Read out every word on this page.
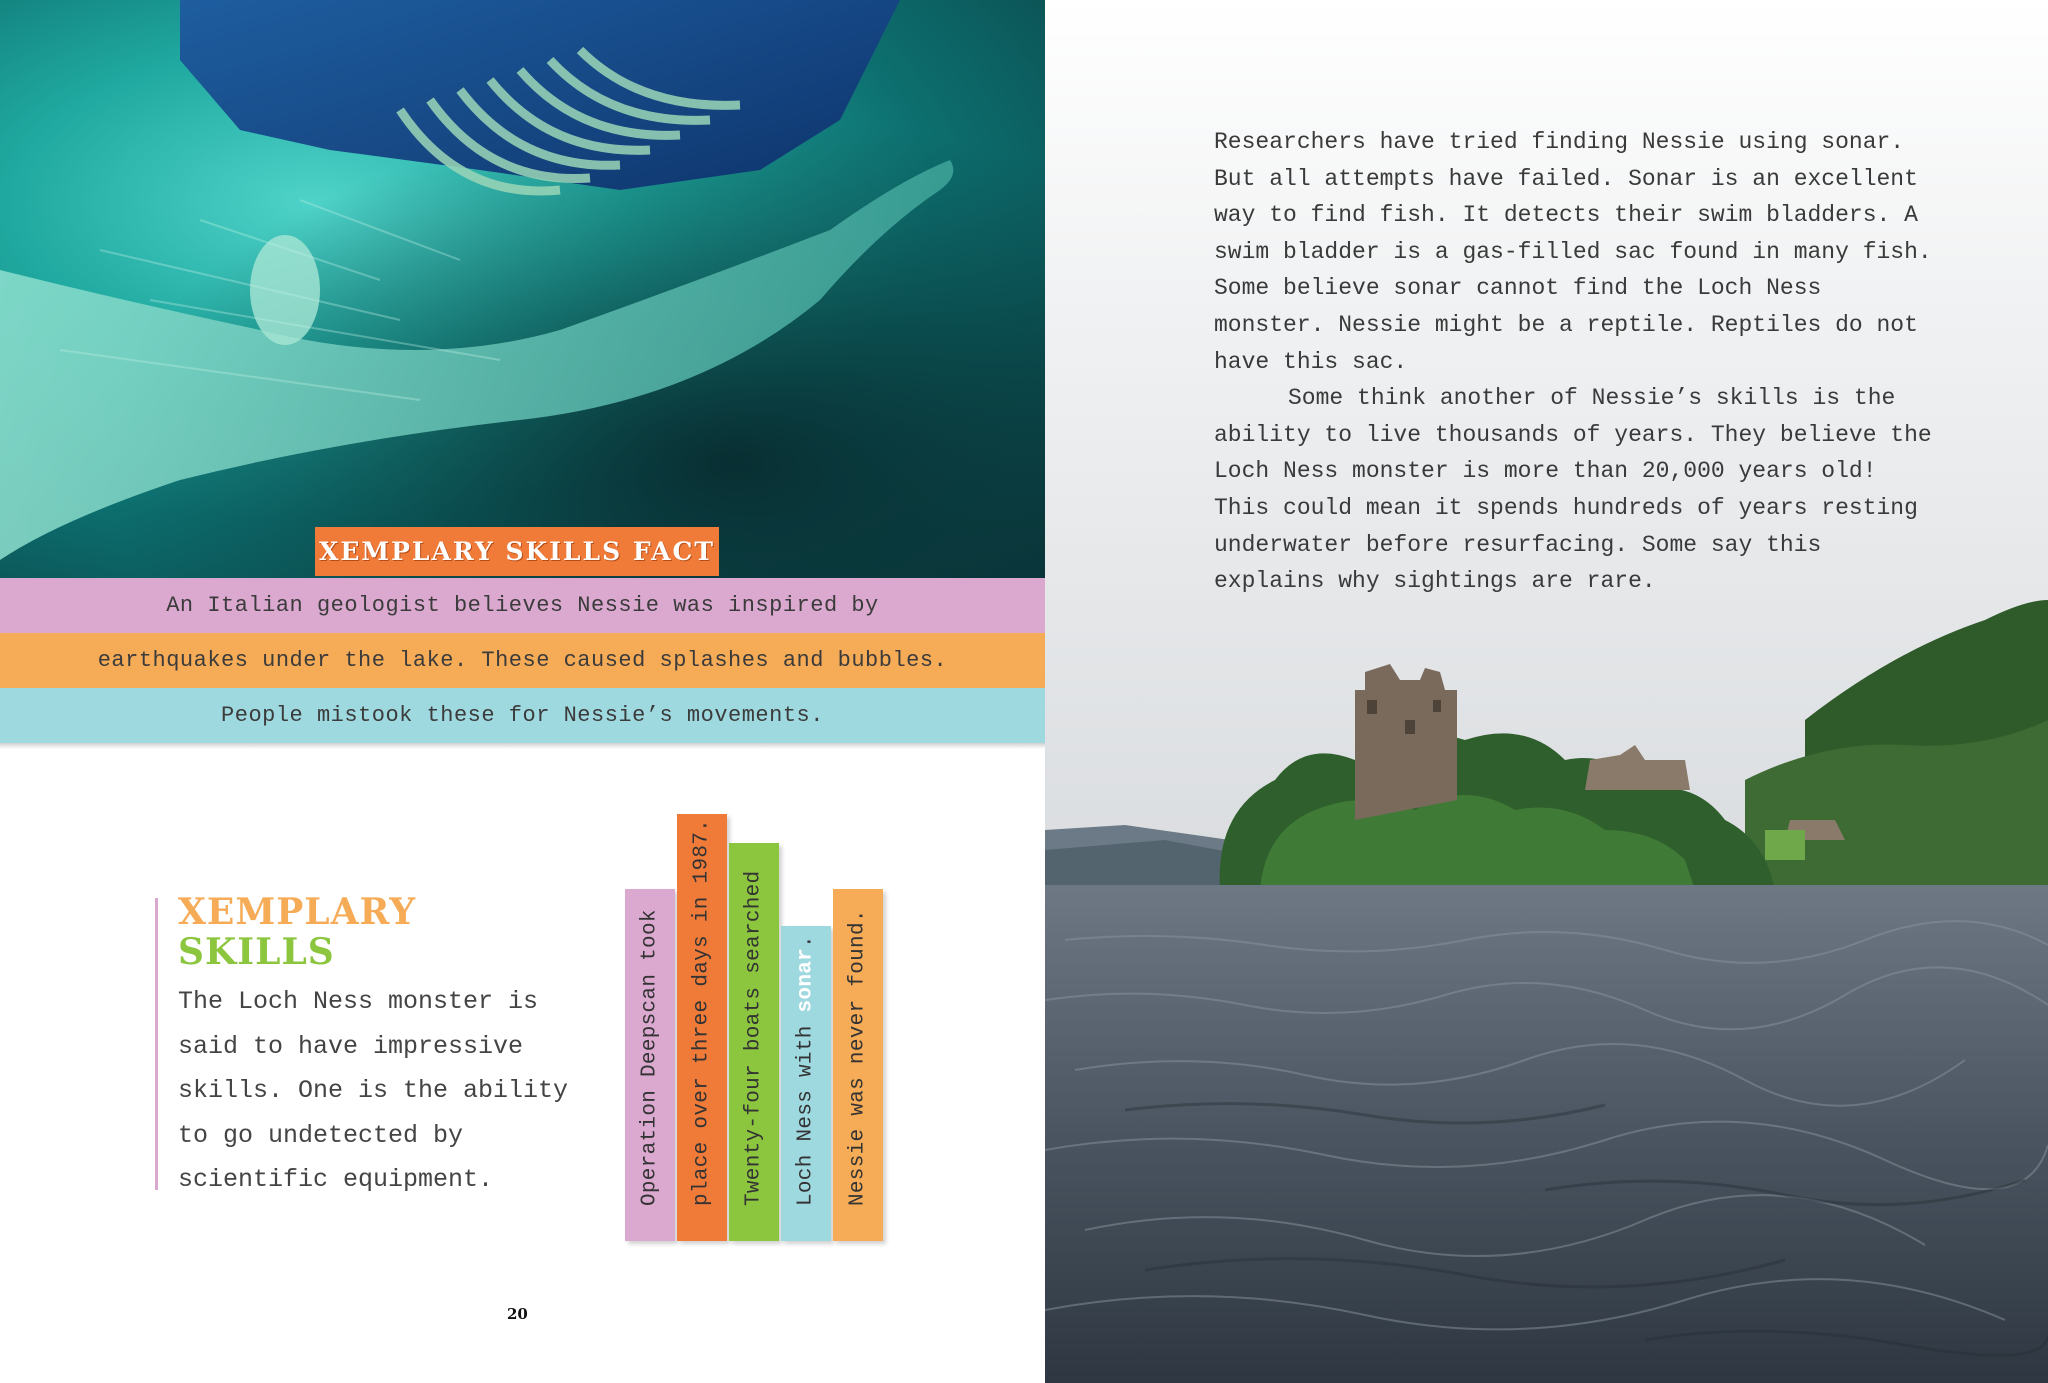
XEMPLARY SKILLS FACT
An Italian geologist believes Nessie was inspired by
earthquakes under the lake. These caused splashes and bubbles.
People mistook these for Nessie’s movements.
XEMPLARY
SKILLS
The Loch Ness monster is said to have impressive skills. One is the ability to go undetected by scientific equipment.	Operation Deepscan took place over three days in 1987. Twenty-four boats searched Loch Ness with sonar. Nessie was never found.
20

Researchers have tried finding Nessie using sonar. But all attempts have failed. Sonar is an excellent way to find fish. It detects their swim bladders. A swim bladder is a gas-filled sac found in many fish. Some believe sonar cannot find the Loch Ness monster. Nessie might be a reptile. Reptiles do not have this sac.

Some think another of Nessie’s skills is the ability to live thousands of years. They believe the Loch Ness monster is more than 20,000 years old! This could mean it spends hundreds of years resting underwater before resurfacing. Some say this explains why sightings are rare.
